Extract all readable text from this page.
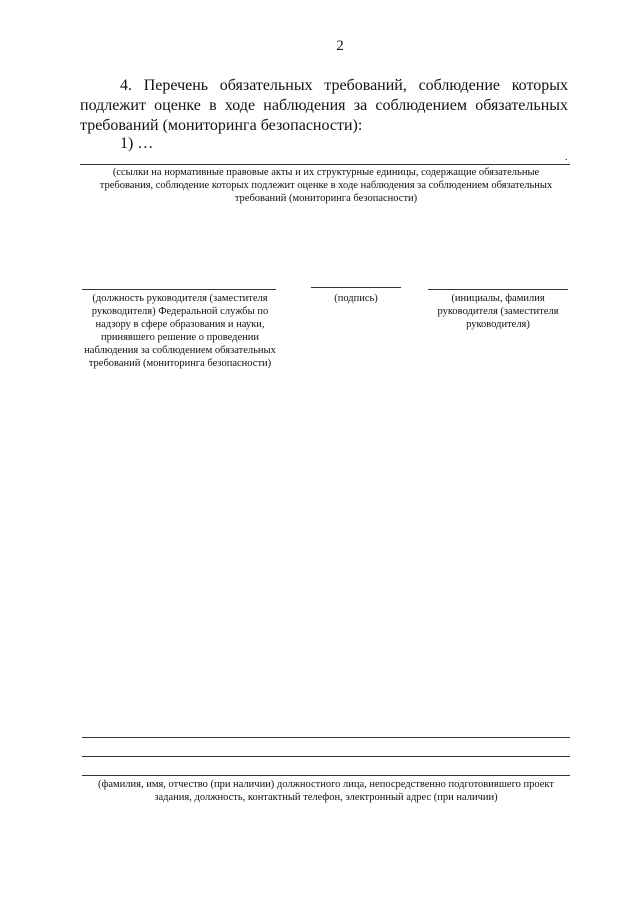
2

4. Перечень обязательных требований, соблюдение которых подлежит оценке в ходе наблюдения за соблюдением обязательных требований (мониторинга безопасности):

1) …

.

(ссылки на нормативные правовые акты и их структурные единицы, содержащие обязательные требования, соблюдение которых подлежит оценке в ходе наблюдения за соблюдением обязательных требований (мониторинга безопасности)

(должность руководителя (заместителя руководителя) Федеральной службы по надзору в сфере образования и науки, принявшего решение о проведении наблюдения за соблюдением обязательных требований (мониторинга безопасности)

(подпись)	(инициалы, фамилия руководителя (заместителя руководителя)

(фамилия, имя, отчество (при наличии) должностного лица, непосредственно подготовившего проект задания, должность, контактный телефон, электронный адрес (при наличии)
